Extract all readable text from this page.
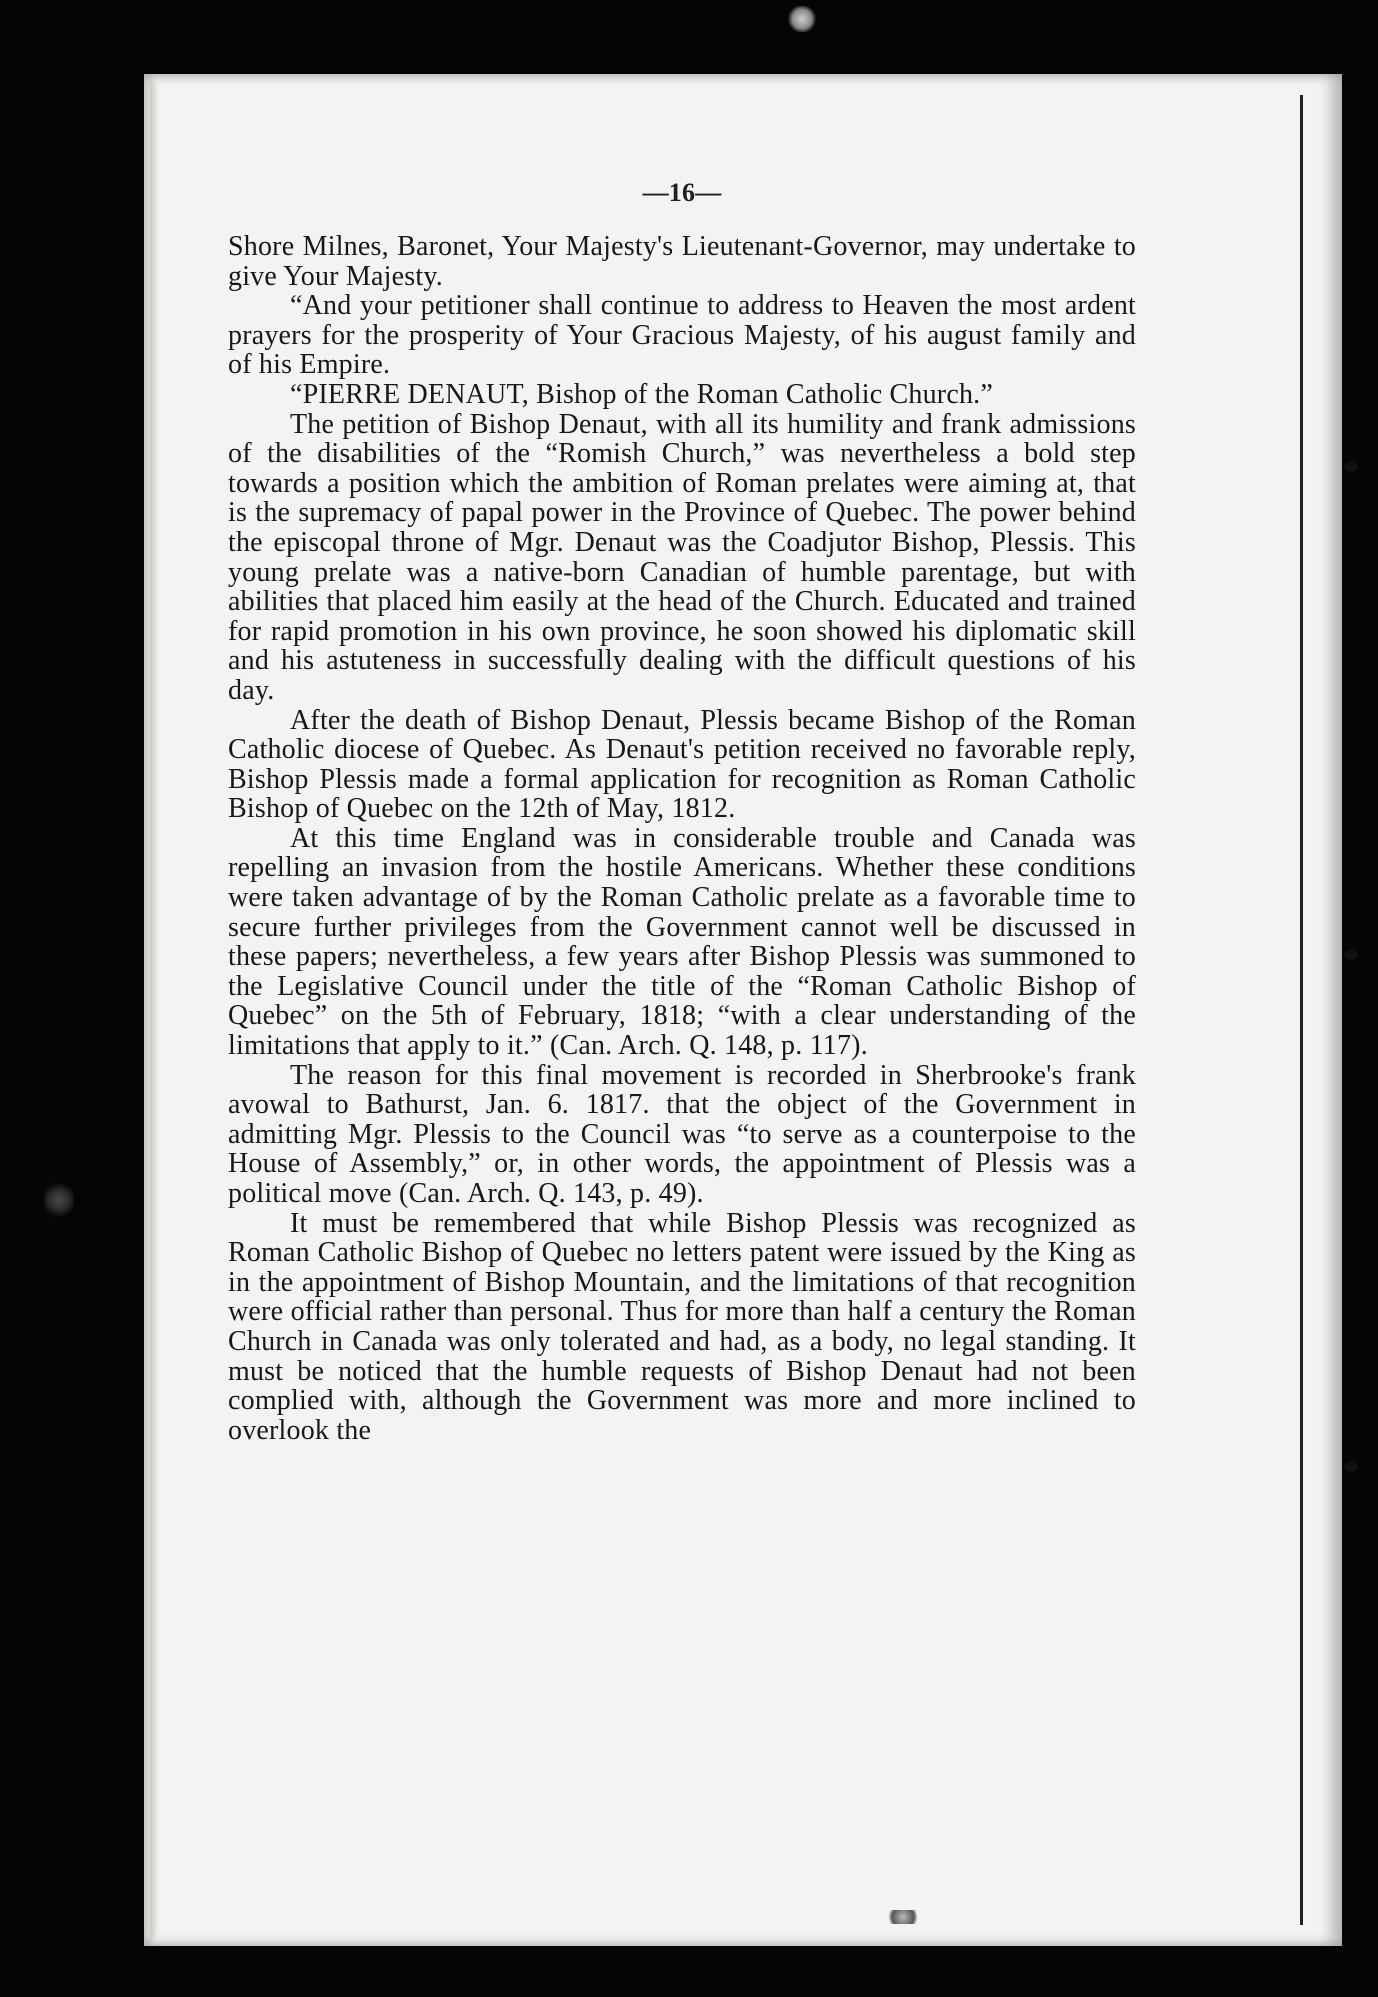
—16—

Shore Milnes, Baronet, Your Majesty's Lieutenant-Governor, may undertake to give Your Majesty.

“And your petitioner shall continue to address to Heaven the most ardent prayers for the prosperity of Your Gracious Majesty, of his august family and of his Empire.

“PIERRE DENAUT, Bishop of the Roman Catholic Church.”

The petition of Bishop Denaut, with all its humility and frank admissions of the disabilities of the “Romish Church,” was nevertheless a bold step towards a position which the ambition of Roman prelates were aiming at, that is the supremacy of papal power in the Province of Quebec. The power behind the episcopal throne of Mgr. Denaut was the Coadjutor Bishop, Plessis. This young prelate was a native-born Canadian of humble parentage, but with abilities that placed him easily at the head of the Church. Educated and trained for rapid promotion in his own province, he soon showed his diplomatic skill and his astuteness in successfully dealing with the difficult questions of his day.

After the death of Bishop Denaut, Plessis became Bishop of the Roman Catholic diocese of Quebec. As Denaut's petition received no favorable reply, Bishop Plessis made a formal application for recognition as Roman Catholic Bishop of Quebec on the 12th of May, 1812.

At this time England was in considerable trouble and Canada was repelling an invasion from the hostile Americans. Whether these conditions were taken advantage of by the Roman Catholic prelate as a favorable time to secure further privileges from the Government cannot well be discussed in these papers; nevertheless, a few years after Bishop Plessis was summoned to the Legislative Council under the title of the “Roman Catholic Bishop of Quebec” on the 5th of February, 1818; “with a clear understanding of the limitations that apply to it.” (Can. Arch. Q. 148, p. 117).

The reason for this final movement is recorded in Sherbrooke's frank avowal to Bathurst, Jan. 6. 1817. that the object of the Government in admitting Mgr. Plessis to the Council was “to serve as a counterpoise to the House of Assembly,” or, in other words, the appointment of Plessis was a political move (Can. Arch. Q. 143, p. 49).

It must be remembered that while Bishop Plessis was recognized as Roman Catholic Bishop of Quebec no letters patent were issued by the King as in the appointment of Bishop Mountain, and the limitations of that recognition were official rather than personal. Thus for more than half a century the Roman Church in Canada was only tolerated and had, as a body, no legal standing. It must be noticed that the humble requests of Bishop Denaut had not been complied with, although the Government was more and more inclined to overlook the
